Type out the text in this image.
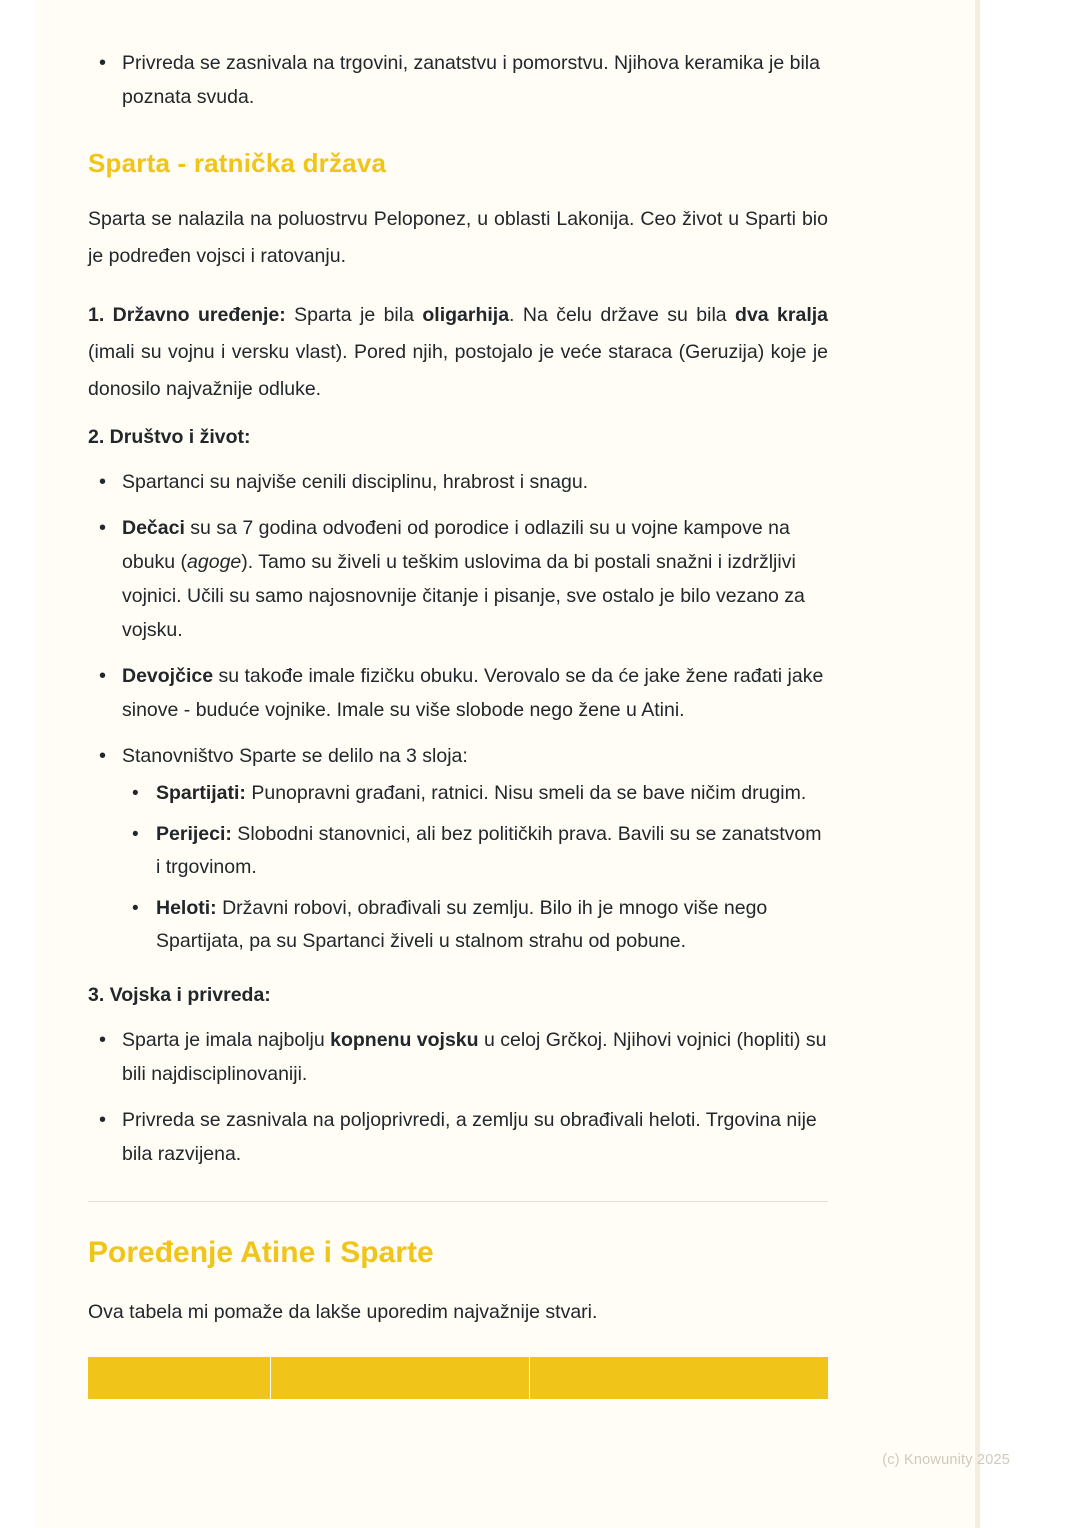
• Privreda se zasnivala na trgovini, zanatstvu i pomorstvu. Njihova keramika je bila poznata svuda.
Sparta - ratnička država

Sparta se nalazila na poluostrvu Peloponez, u oblasti Lakonija. Ceo život u Sparti bio je podređen vojsci i ratovanju.

1. Državno uređenje: Sparta je bila oligarhija. Na čelu države su bila dva kralja (imali su vojnu i versku vlast). Pored njih, postojalo je veće staraca (Geruzija) koje je donosilo najvažnije odluke.

2. Društvo i život:

• Spartanci su najviše cenili disciplinu, hrabrost i snagu.
• Dečaci su sa 7 godina odvođeni od porodice i odlazili su u vojne kampove na obuku (agoge). Tamo su živeli u teškim uslovima da bi postali snažni i izdržljivi vojnici. Učili su samo najosnovnije čitanje i pisanje, sve ostalo je bilo vezano za vojsku.
• Devojčice su takođe imale fizičku obuku. Verovalo se da će jake žene rađati jake sinove - buduće vojnike. Imale su više slobode nego žene u Atini.
• Stanovništvo Sparte se delilo na 3 sloja:
• Spartijati: Punopravni građani, ratnici. Nisu smeli da se bave ničim drugim.
• Perijeci: Slobodni stanovnici, ali bez političkih prava. Bavili su se zanatstvom i trgovinom.
• Heloti: Državni robovi, obrađivali su zemlju. Bilo ih je mnogo više nego Spartijata, pa su Spartanci živeli u stalnom strahu od pobune.

3. Vojska i privreda:

• Sparta je imala najbolju kopnenu vojsku u celoj Grčkoj. Njihovi vojnici (hopliti) su bili najdisciplinovaniji.
• Privreda se zasnivala na poljoprivredi, a zemlju su obrađivali heloti. Trgovina nije bila razvijena.
Poređenje Atine i Sparte

Ova tabela mi pomaže da lakše uporedim najvažnije stvari.

(c) Knowunity 2025
